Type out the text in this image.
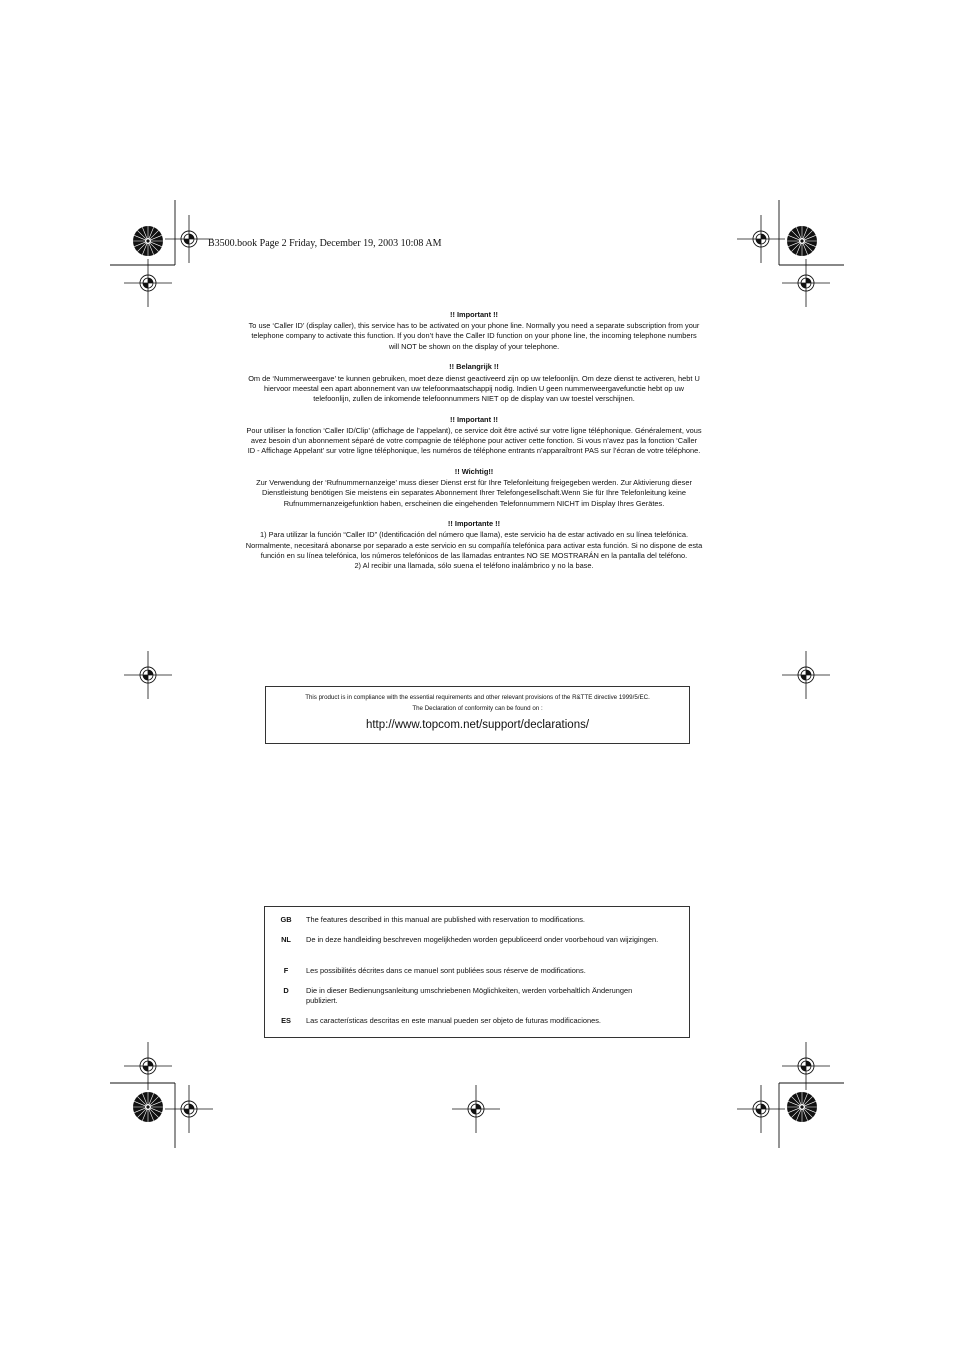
B3500.book Page 2 Friday, December 19, 2003 10:08 AM
!! Important !!

To use ‘Caller ID’ (display caller), this service has to be activated on your phone line. Normally you need a separate subscription from your

telephone company to activate this function. If you don’t have the Caller ID function on your phone line, the incoming telephone numbers

will NOT be shown on the display of your telephone.

!! Belangrijk !!

Om de ‘Nummerweergave’ te kunnen gebruiken, moet deze dienst geactiveerd zijn op uw telefoonlijn. Om deze dienst te activeren, hebt U

hiervoor meestal een apart abonnement van uw telefoonmaatschappij nodig. Indien U geen nummerweergavefunctie hebt op uw

telefoonlijn, zullen de inkomende telefoonnummers NIET op de display van uw toestel verschijnen.

!! Important !!

Pour utiliser la fonction ‘Caller ID/Clip’ (affichage de l’appelant), ce service doit être activé sur votre ligne téléphonique. Généralement, vous

avez besoin d’un abonnement séparé de votre compagnie de téléphone pour activer cette fonction. Si vous n’avez pas la fonction ‘Caller

ID - Affichage Appelant’ sur votre ligne téléphonique, les numéros de téléphone entrants n’apparaîtront PAS sur l’écran de votre téléphone.

!! Wichtig!!

Zur Verwendung der ‘Rufnummernanzeige’ muss dieser Dienst erst für Ihre Telefonleitung freigegeben werden. Zur Aktivierung dieser

Dienstleistung benötigen Sie meistens ein separates Abonnement Ihrer Telefongesellschaft.Wenn Sie für Ihre Telefonleitung keine

Rufnummernanzeigefunktion haben, erscheinen die eingehenden Telefonnummern NICHT im Display Ihres Gerätes.

!! Importante !!

1) Para utilizar la función “Caller ID” (Identificación del número que llama), este servicio ha de estar activado en su línea telefónica.

Normalmente, necesitará abonarse por separado a este servicio en su compañía telefónica para activar esta función. Si no dispone de esta

función en su línea telefónica, los números telefónicos de las llamadas entrantes NO SE MOSTRARÁN en la pantalla del teléfono.

2) Al recibir una llamada, sólo suena el teléfono inalámbrico y no la base.

This product is in compliance with the essential requirements and other relevant provisions of the R&TTE directive 1999/5/EC.
The Declaration of conformity can be found on :
http://www.topcom.net/support/declarations/
GB	The features described in this manual are published with reservation to modifications.
NL	De in deze handleiding beschreven mogelijkheden worden gepubliceerd onder voorbehoud van wijzigingen.
F	Les possibilités décrites dans ce manuel sont publiées sous réserve de modifications.
D	Die in dieser Bedienungsanleitung umschriebenen Möglichkeiten, werden vorbehaltlich Änderungen publiziert.
ES	Las características descritas en este manual pueden ser objeto de futuras modificaciones.
